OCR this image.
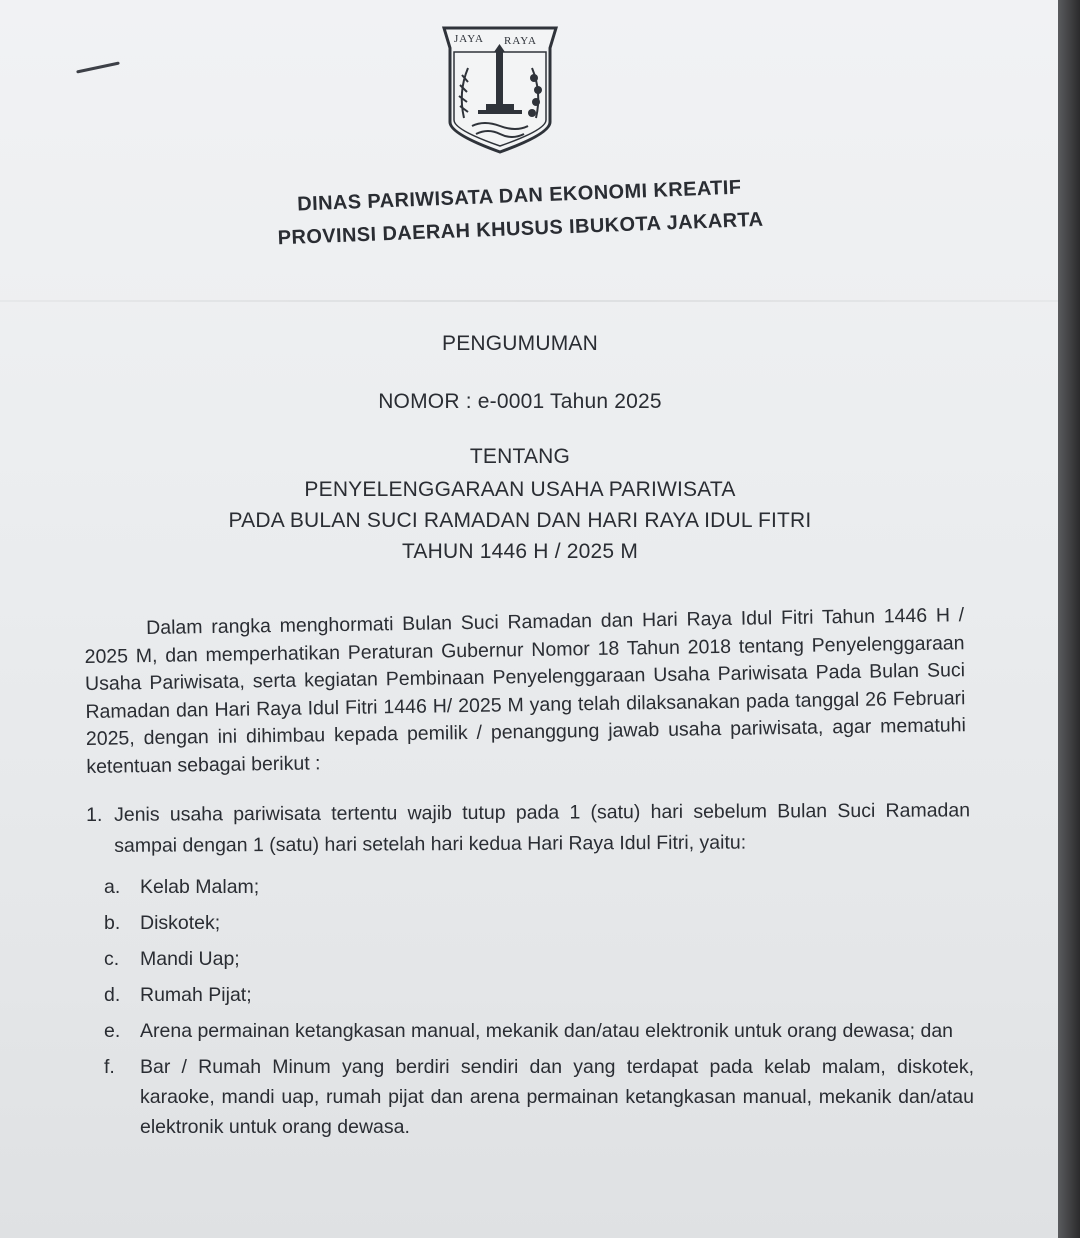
JAYA RAYA
DINAS PARIWISATA DAN EKONOMI KREATIF
PROVINSI DAERAH KHUSUS IBUKOTA JAKARTA
PENGUMUMAN
NOMOR : e-0001 Tahun 2025
TENTANG
PENYELENGGARAAN USAHA PARIWISATA
PADA BULAN SUCI RAMADAN DAN HARI RAYA IDUL FITRI
TAHUN 1446 H / 2025 M
Dalam rangka menghormati Bulan Suci Ramadan dan Hari Raya Idul Fitri Tahun 1446 H / 2025 M, dan memperhatikan Peraturan Gubernur Nomor 18 Tahun 2018 tentang Penyelenggaraan Usaha Pariwisata, serta kegiatan Pembinaan Penyelenggaraan Usaha Pariwisata Pada Bulan Suci Ramadan dan Hari Raya Idul Fitri 1446 H/ 2025 M yang telah dilaksanakan pada tanggal 26 Februari 2025, dengan ini dihimbau kepada pemilik / penanggung jawab usaha pariwisata, agar mematuhi ketentuan sebagai berikut :
1. Jenis usaha pariwisata tertentu wajib tutup pada 1 (satu) hari sebelum Bulan Suci Ramadan sampai dengan 1 (satu) hari setelah hari kedua Hari Raya Idul Fitri, yaitu:
a.	Kelab Malam;
b.	Diskotek;
c.	Mandi Uap;
d.	Rumah Pijat;
e.	Arena permainan ketangkasan manual, mekanik dan/atau elektronik untuk orang dewasa; dan
f.	Bar / Rumah Minum yang berdiri sendiri dan yang terdapat pada kelab malam, diskotek, karaoke, mandi uap, rumah pijat dan arena permainan ketangkasan manual, mekanik dan/atau elektronik untuk orang dewasa.
